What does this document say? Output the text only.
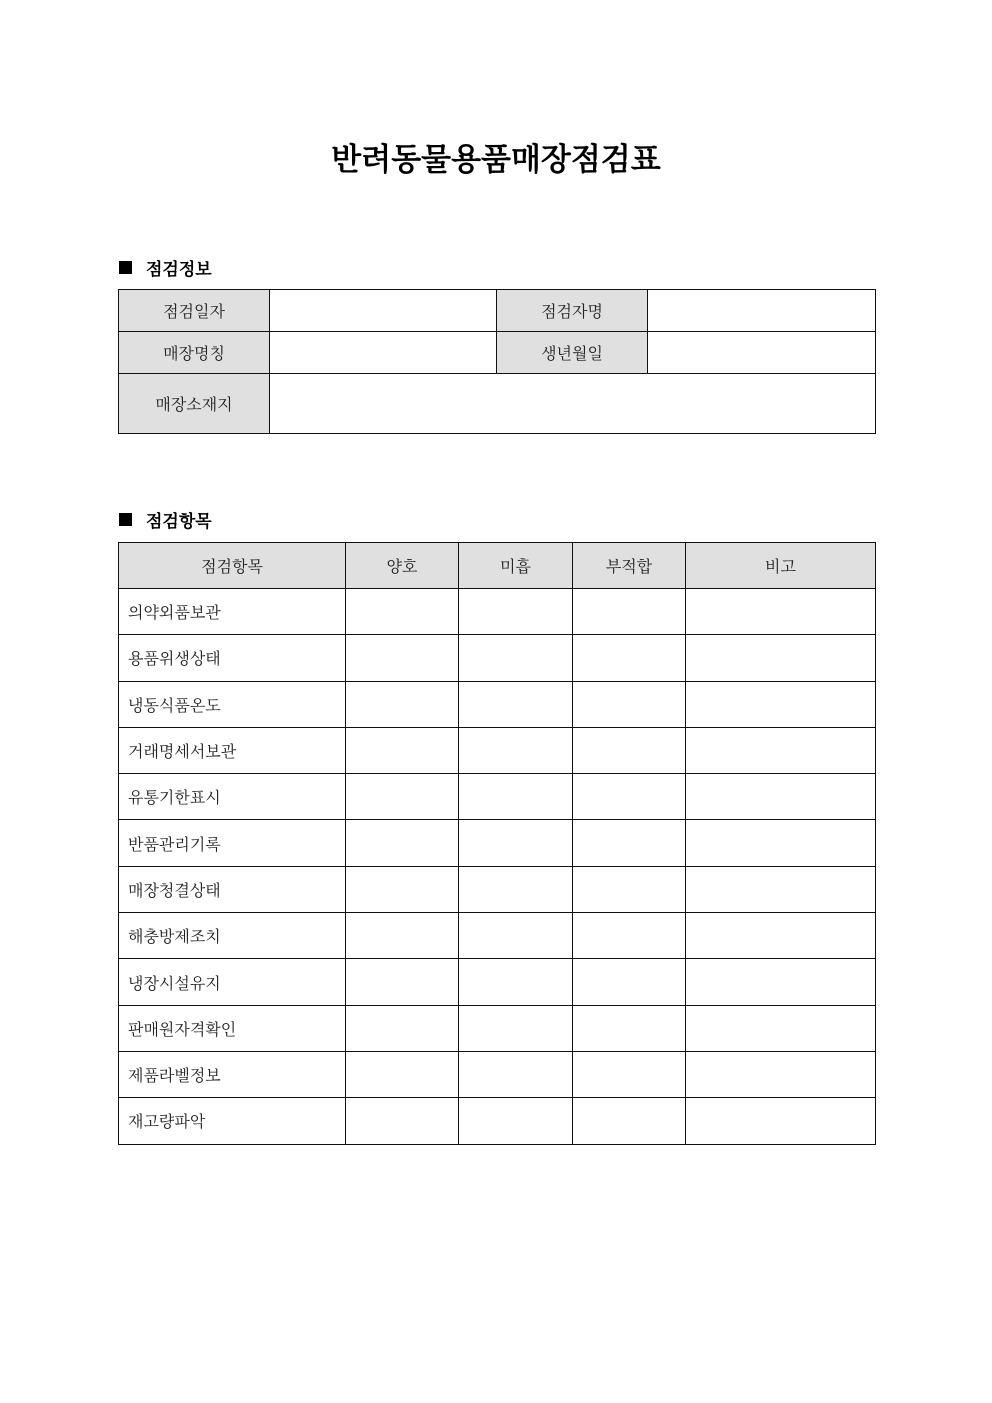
반려동물용품매장점검표
점검정보
점검일자		점검자명	
매장명칭		생년월일	
매장소재지			
점검항목
점검항목	양호	미흡	부적합	비고
의약외품보관				
용품위생상태				
냉동식품온도				
거래명세서보관				
유통기한표시				
반품관리기록				
매장청결상태				
해충방제조치				
냉장시설유지				
판매원자격확인				
제품라벨정보				
재고량파악				
